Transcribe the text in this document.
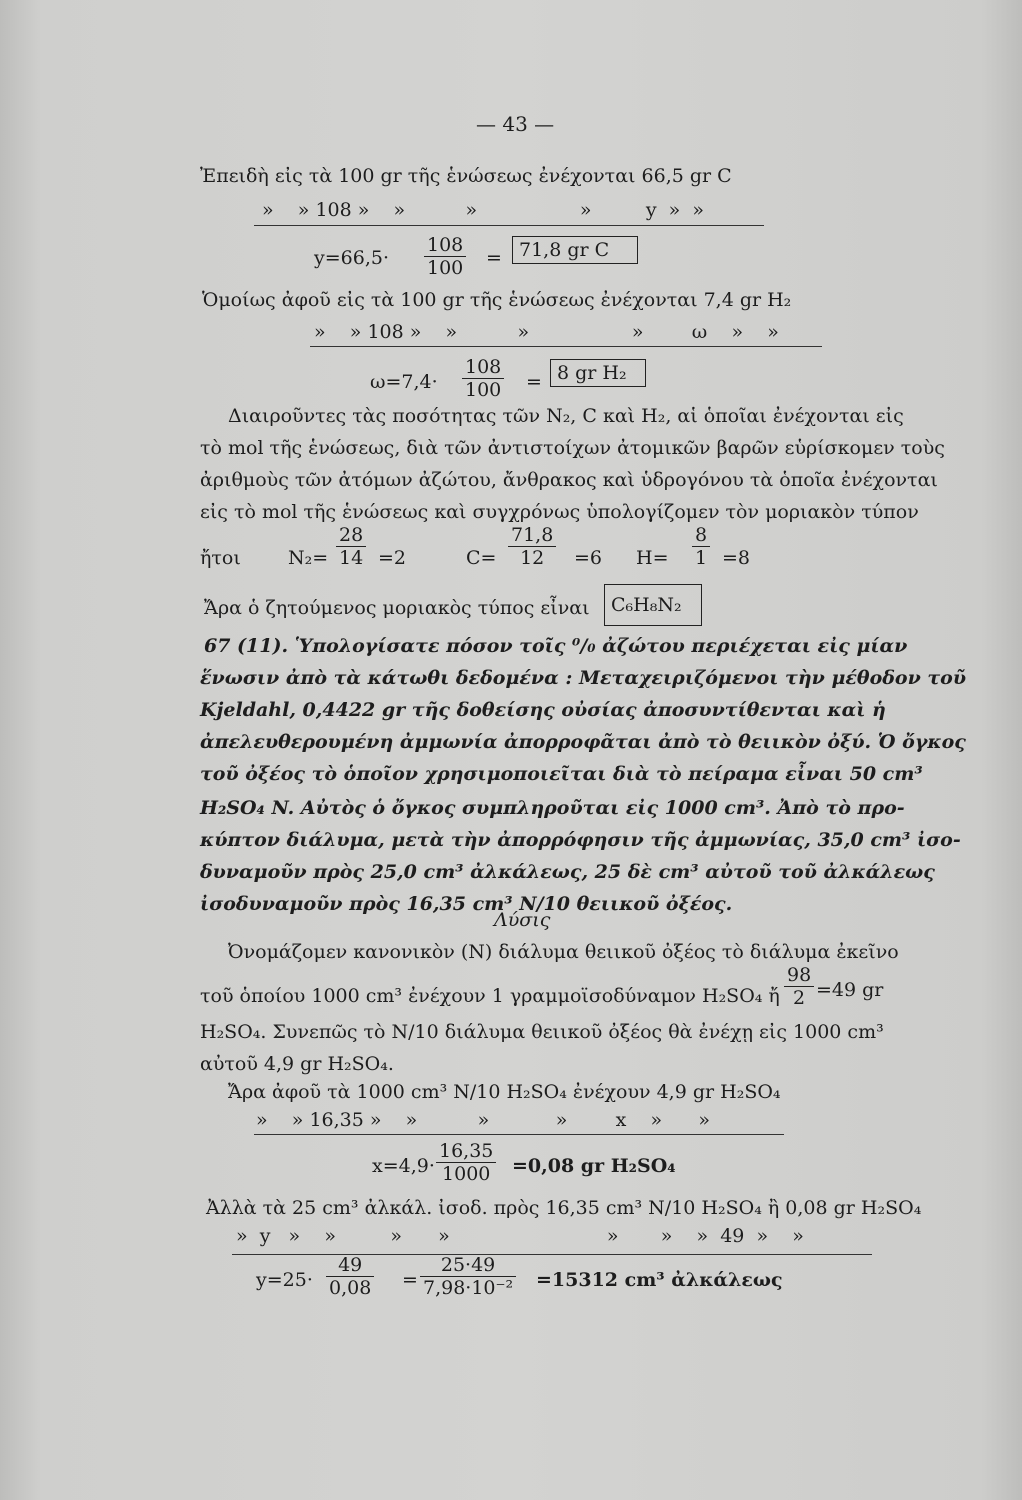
— 43 —
Ἐπειδὴ εἰς τὰ 100 gr τῆς ἑνώσεως ἐνέχονται 66,5 gr C
»    » 108 »    »          »                 »         y  »  »
$y=66,5\cdot \frac{108}{100} = 71,8$ gr C
Ὁμοίως ἀφοῦ εἰς τὰ 100 gr τῆς ἑνώσεως ἐνέχονται 7,4 gr H₂
»    » 108 »    »          »                 »        ω    »    »
$\omega=7,4\cdot \frac{108}{100} = 8$ gr H₂
Διαιροῦντες τὰς ποσότητας τῶν N₂, C καὶ H₂, αἱ ὁποῖαι ἐνέχονται εἰς
τὸ mol τῆς ἑνώσεως, διὰ τῶν ἀντιστοίχων ἀτομικῶν βαρῶν εὑρίσκομεν τοὺς
ἀριθμοὺς τῶν ἀτόμων ἀζώτου, ἄνθρακος καὶ ὑδρογόνου τὰ ὁποῖα ἐνέχονται
εἰς τὸ mol τῆς ἑνώσεως καὶ συγχρόνως ὑπολογίζομεν τὸν μοριακὸν τύπον
ἤτοι $N_2= \frac{28}{14} =2$	$C= \frac{71,8}{12} =6$ $H= \frac{8}{1} =8$
Ἄρα ὁ ζητούμενος μοριακὸς τύπος εἶναι	C₆H₈N₂
67 (11). Ὑπολογίσατε πόσον τοῖς ⁰/₀ ἀζώτου περιέχεται εἰς μίαν
ἕνωσιν ἀπὸ τὰ κάτωθι δεδομένα : Μεταχειριζόμενοι τὴν μέθοδον τοῦ
Kjeldahl, 0,4422 gr τῆς δοθείσης οὐσίας ἀποσυντίθενται καὶ ἡ
ἀπελευθερουμένη ἀμμωνία ἀπορροφᾶται ἀπὸ τὸ θειικὸν ὀξύ. Ὁ ὄγκος
τοῦ ὀξέος τὸ ὁποῖον χρησιμοποιεῖται διὰ τὸ πείραμα εἶναι 50 cm³
H₂SO₄ N. Αὐτὸς ὁ ὄγκος συμπληροῦται εἰς 1000 cm³. Ἀπὸ τὸ προ-
κύπτον διάλυμα, μετὰ τὴν ἀπορρόφησιν τῆς ἀμμωνίας, 35,0 cm³ ἰσο-
δυναμοῦν πρὸς 25,0 cm³ ἀλκάλεως, 25 δὲ cm³ αὐτοῦ τοῦ ἀλκάλεως
ἰσοδυναμοῦν πρὸς 16,35 cm³ N/10 θειικοῦ ὀξέος.
Λύσις
Ὀνομάζομεν κανονικὸν (N) διάλυμα θειικοῦ ὀξέος τὸ διάλυμα ἐκεῖνο
τοῦ ὁποίου 1000 cm³ ἐνέχουν 1 γραμμοϊσοδύναμον H₂SO₄ ἤ $\frac{98}{2} =49$ gr
H₂SO₄. Συνεπῶς τὸ N/10 διάλυμα θειικοῦ ὀξέος θὰ ἐνέχῃ εἰς 1000 cm³
αὐτοῦ 4,9 gr H₂SO₄.
Ἄρα ἀφοῦ τὰ 1000 cm³ N/10 H₂SO₄ ἐνέχουν 4,9 gr H₂SO₄
»    » 16,35 »    »          »           »        x    »      »
$x=4,9\cdot \frac{16,35}{1000} =0,08$ gr H₂SO₄
Ἀλλὰ τὰ 25 cm³ ἀλκάλ. ἰσοδ. πρὸς 16,35 cm³ N/10 H₂SO₄ ἢ 0,08 gr H₂SO₄
»  y   »    »         »      »                          »       »    »  49  »    »
$y=25\cdot \frac{49}{0,08} = \frac{25\cdot 49}{\text{7,98·10⁻²}} =15312$ cm³ ἀλκάλεως
